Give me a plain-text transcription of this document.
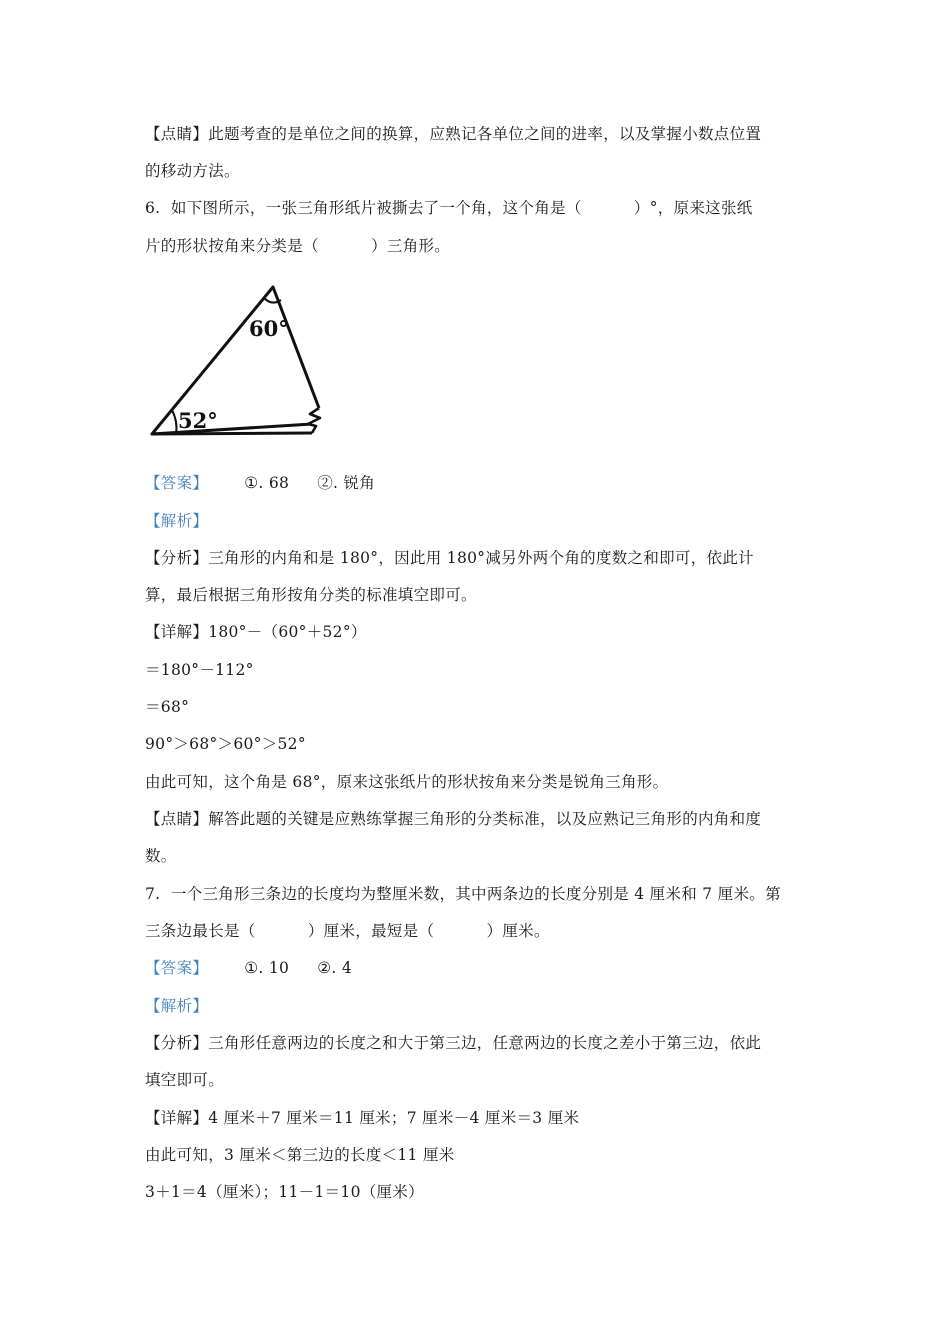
【点睛】此题考查的是单位之间的换算，应熟记各单位之间的进率，以及掌握小数点位置
的移动方法。
6.  如下图所示，一张三角形纸片被撕去了一个角，这个角是（          ）°，原来这张纸
片的形状按角来分类是（          ）三角形。
60°
52°
【答案】 ①. 68 ②. 锐角
【解析】
【分析】三角形的内角和是 180°，因此用 180°减另外两个角的度数之和即可，依此计
算，最后根据三角形按角分类的标准填空即可。
【详解】180°－（60°＋52°）
＝180°－112°
＝68°
90°＞68°＞60°＞52°
由此可知，这个角是 68°，原来这张纸片的形状按角来分类是锐角三角形。
【点睛】解答此题的关键是应熟练掌握三角形的分类标准，以及应熟记三角形的内角和度
数。
7.  一个三角形三条边的长度均为整厘米数，其中两条边的长度分别是 4 厘米和 7 厘米。第
三条边最长是（          ）厘米，最短是（          ）厘米。
【答案】 ①. 10 ②. 4
【解析】
【分析】三角形任意两边的长度之和大于第三边，任意两边的长度之差小于第三边，依此
填空即可。
【详解】4 厘米＋7 厘米＝11 厘米；7 厘米－4 厘米＝3 厘米
由此可知，3 厘米＜第三边的长度＜11 厘米
3＋1＝4（厘米）；11－1＝10（厘米）
